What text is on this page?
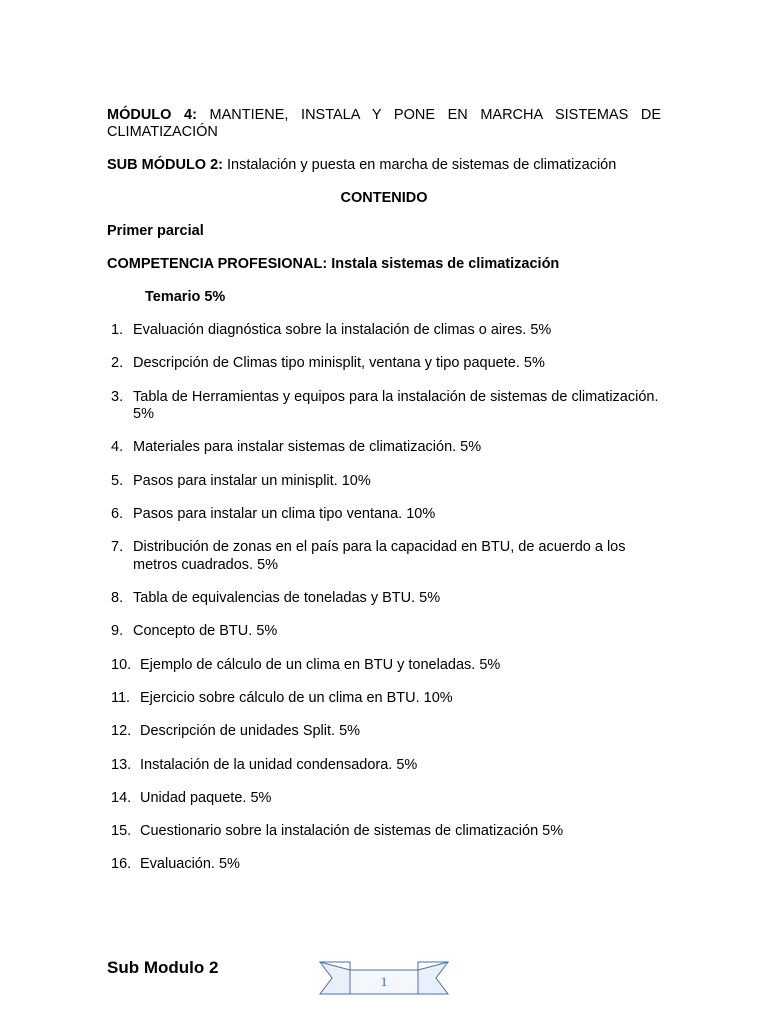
MÓDULO 4: MANTIENE, INSTALA Y PONE EN MARCHA SISTEMAS DE CLIMATIZACIÓN
SUB MÓDULO 2: Instalación y puesta en marcha de sistemas de climatización
CONTENIDO
Primer parcial
COMPETENCIA PROFESIONAL: Instala sistemas de climatización
Temario 5%
1. Evaluación diagnóstica sobre la instalación de climas o aires. 5%
2. Descripción de Climas tipo minisplit, ventana y tipo paquete. 5%
3. Tabla de Herramientas y equipos para la instalación de sistemas de climatización. 5%
4. Materiales para instalar sistemas de climatización. 5%
5. Pasos para instalar un minisplit. 10%
6. Pasos para instalar un clima tipo ventana. 10%
7. Distribución de zonas en el país para la capacidad en BTU, de acuerdo a los metros cuadrados. 5%
8. Tabla de equivalencias de toneladas y BTU. 5%
9. Concepto de BTU. 5%
10. Ejemplo de cálculo de un clima en BTU y toneladas. 5%
11. Ejercicio sobre cálculo de un clima en BTU. 10%
12. Descripción de unidades Split. 5%
13. Instalación de la unidad condensadora. 5%
14. Unidad paquete. 5%
15. Cuestionario sobre la instalación de sistemas de climatización 5%
16. Evaluación. 5%
Sub Modulo 2
1
